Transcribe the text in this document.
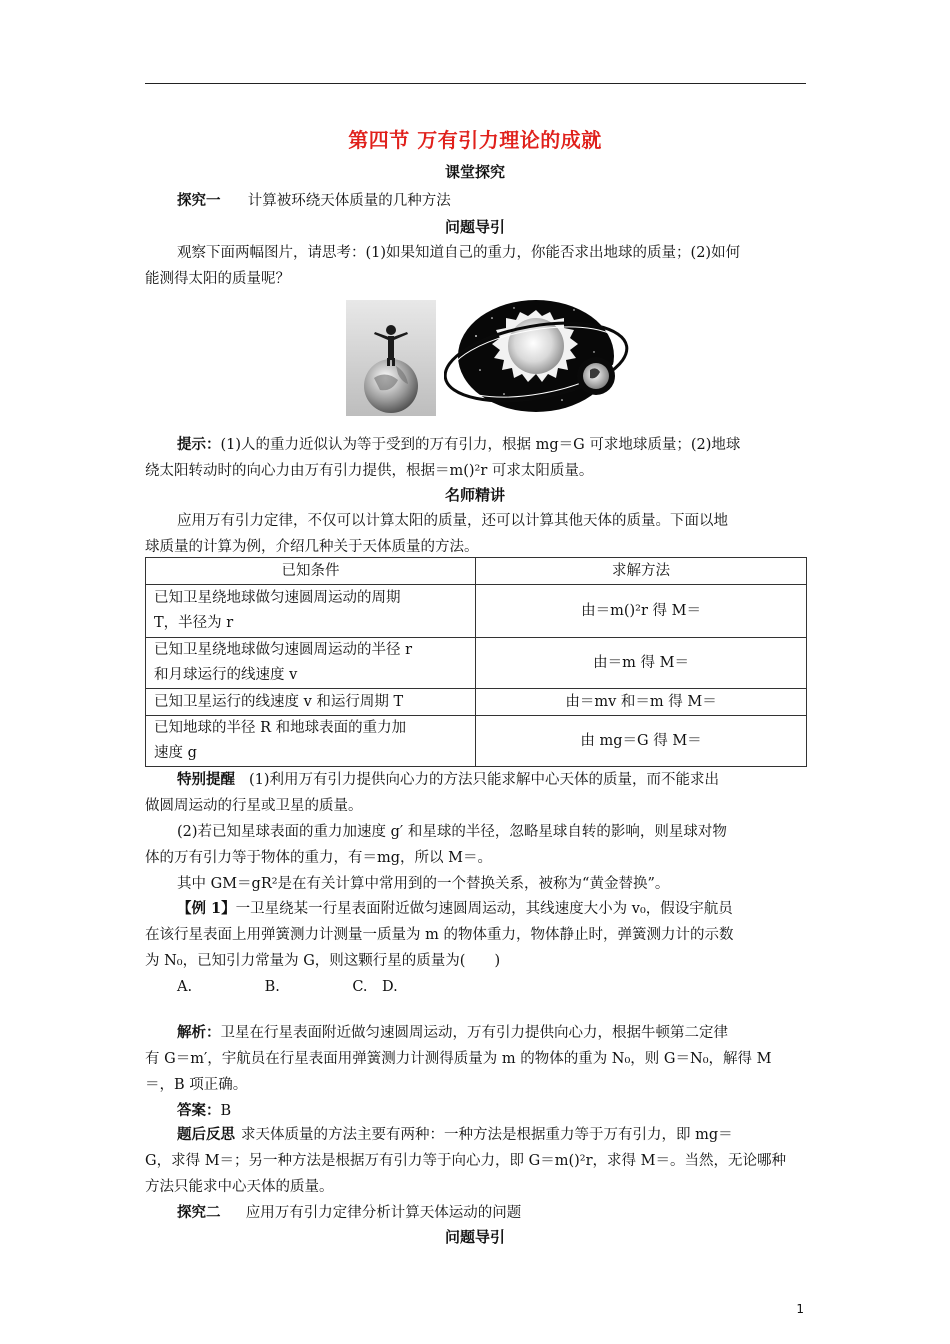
第四节 万有引力理论的成就
课堂探究
探究一 计算被环绕天体质量的几种方法
问题导引
观察下面两幅图片，请思考：(1)如果知道自己的重力，你能否求出地球的质量；(2)如何
能测得太阳的质量呢？
提示：(1)人的重力近似认为等于受到的万有引力，根据 mg＝G 可求地球质量；(2)地球
绕太阳转动时的向心力由万有引力提供，根据＝m()²r 可求太阳质量。
名师精讲
应用万有引力定律，不仅可以计算太阳的质量，还可以计算其他天体的质量。下面以地
球质量的计算为例，介绍几种关于天体质量的方法。
已知条件	求解方法

已知卫星绕地球做匀速圆周运动的周期
T，半径为 r	由＝m()²r 得 M＝

已知卫星绕地球做匀速圆周运动的半径 r
和月球运行的线速度 v	由＝m 得 M＝

已知卫星运行的线速度 v 和运行周期 T	由＝mv 和＝m 得 M＝

已知地球的半径 R 和地球表面的重力加
速度 g	由 mg＝G 得 M＝
特别提醒 (1)利用万有引力提供向心力的方法只能求解中心天体的质量，而不能求出
做圆周运动的行星或卫星的质量。
(2)若已知星球表面的重力加速度 g′ 和星球的半径，忽略星球自转的影响，则星球对物
体的万有引力等于物体的重力，有＝mg，所以 M＝。
其中 GM＝gR²是在有关计算中常用到的一个替换关系，被称为“黄金替换”。
【例 1】一卫星绕某一行星表面附近做匀速圆周运动，其线速度大小为 v₀，假设宇航员
在该行星表面上用弹簧测力计测量一质量为 m 的物体重力，物体静止时，弹簧测力计的示数
为 N₀，已知引力常量为 G，则这颗行星的质量为(　　)
A.　　　　　B.　　　　　C.　D.
解析：卫星在行星表面附近做匀速圆周运动，万有引力提供向心力，根据牛顿第二定律
有 G＝m′，宇航员在行星表面用弹簧测力计测得质量为 m 的物体的重为 N₀，则 G＝N₀，解得 M
＝，B 项正确。
答案：B
题后反思 求天体质量的方法主要有两种：一种方法是根据重力等于万有引力，即 mg＝
G，求得 M＝；另一种方法是根据万有引力等于向心力，即 G＝m()²r，求得 M＝。当然，无论哪种
方法只能求中心天体的质量。
探究二 应用万有引力定律分析计算天体运动的问题
问题导引
1
